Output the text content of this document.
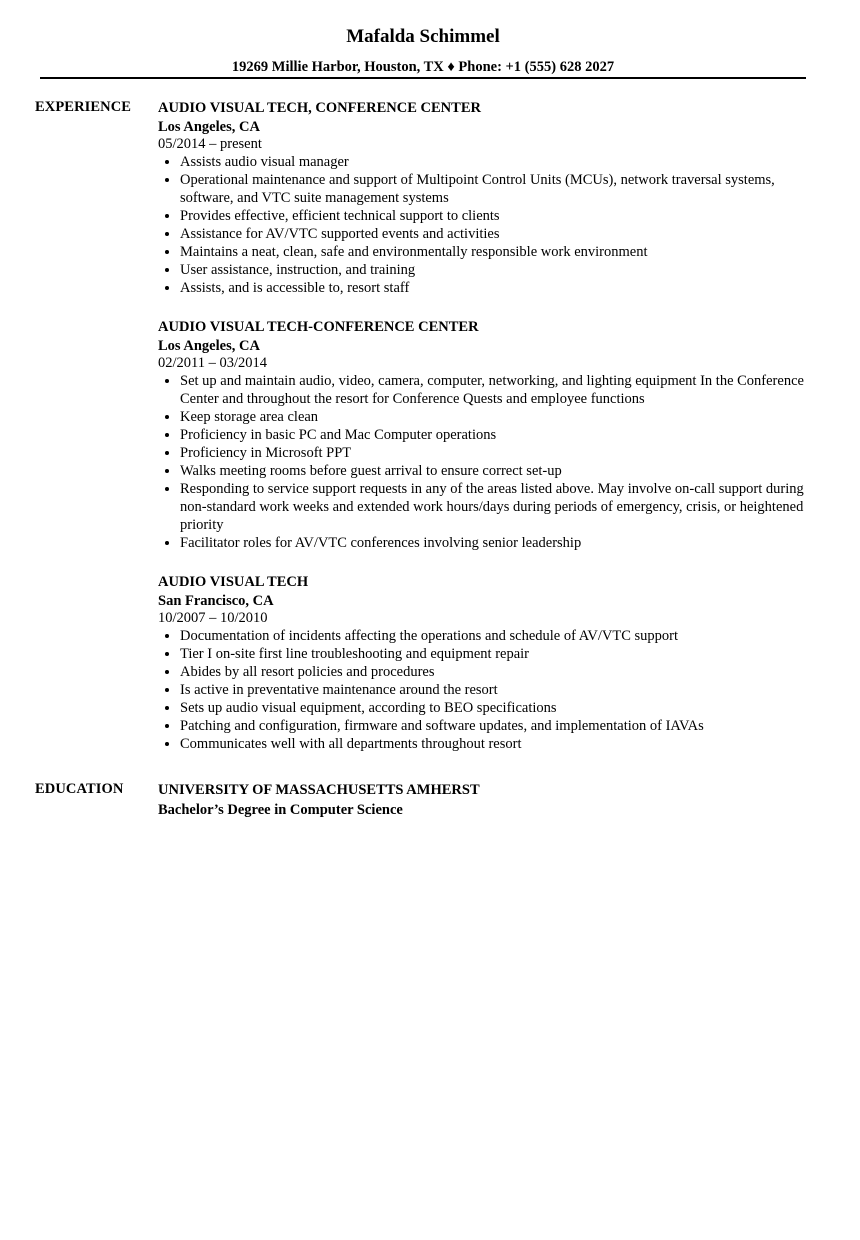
Mafalda Schimmel
19269 Millie Harbor, Houston, TX ♦ Phone: +1 (555) 628 2027
EXPERIENCE AUDIO VISUAL TECH, CONFERENCE CENTER
Los Angeles, CA
05/2014 – present
• Assists audio visual manager
• Operational maintenance and support of Multipoint Control Units (MCUs), network traversal systems, software, and VTC suite management systems
• Provides effective, efficient technical support to clients
• Assistance for AV/VTC supported events and activities
• Maintains a neat, clean, safe and environmentally responsible work environment
• User assistance, instruction, and training
• Assists, and is accessible to, resort staff
AUDIO VISUAL TECH-CONFERENCE CENTER
Los Angeles, CA
02/2011 – 03/2014
• Set up and maintain audio, video, camera, computer, networking, and lighting equipment In the Conference Center and throughout the resort for Conference Quests and employee functions
• Keep storage area clean
• Proficiency in basic PC and Mac Computer operations
• Proficiency in Microsoft PPT
• Walks meeting rooms before guest arrival to ensure correct set-up
• Responding to service support requests in any of the areas listed above. May involve on-call support during non-standard work weeks and extended work hours/days during periods of emergency, crisis, or heightened priority
• Facilitator roles for AV/VTC conferences involving senior leadership
AUDIO VISUAL TECH
San Francisco, CA
10/2007 – 10/2010
• Documentation of incidents affecting the operations and schedule of AV/VTC support
• Tier I on-site first line troubleshooting and equipment repair
• Abides by all resort policies and procedures
• Is active in preventative maintenance around the resort
• Sets up audio visual equipment, according to BEO specifications
• Patching and configuration, firmware and software updates, and implementation of IAVAs
• Communicates well with all departments throughout resort
EDUCATION UNIVERSITY OF MASSACHUSETTS AMHERST
Bachelor’s Degree in Computer Science
